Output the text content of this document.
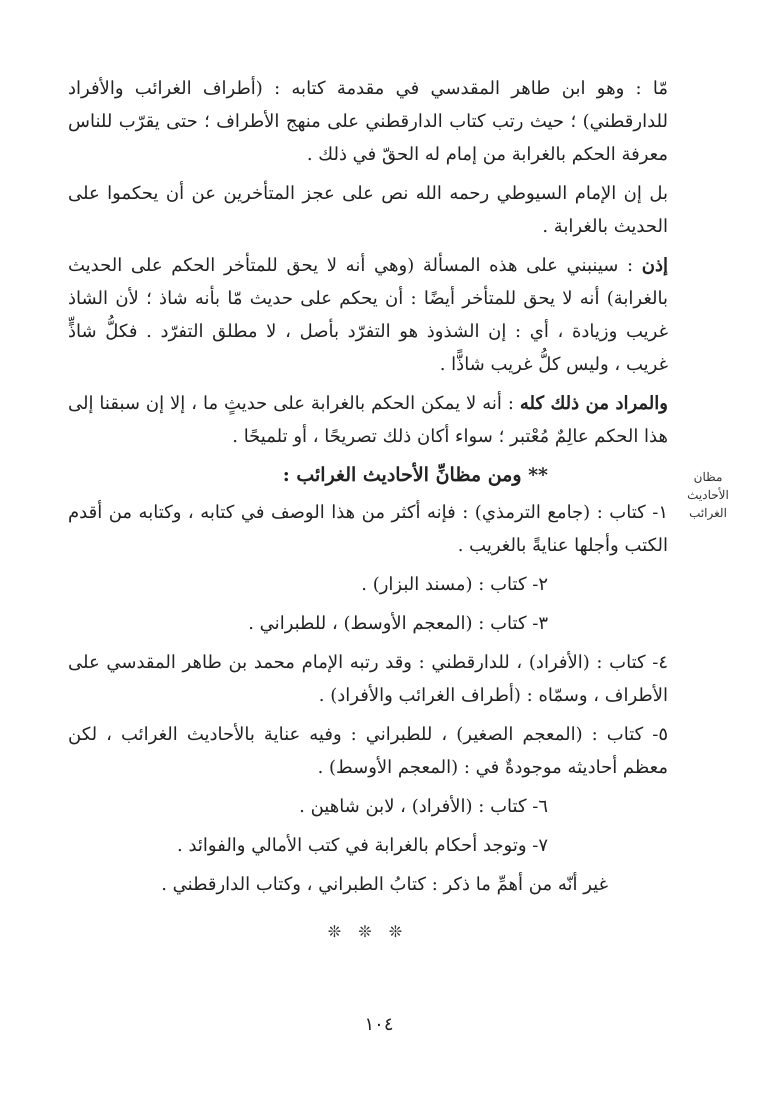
مّا : وهو ابن طاهر المقدسي في مقدمة كتابه : (أطراف الغرائب والأفراد للدارقطني) ؛ حيث رتب كتاب الدارقطني على منهج الأطراف ؛ حتى يقرّب للناس معرفة الحكم بالغرابة من إمام له الحقّ في ذلك .

بل إن الإمام السيوطي رحمه الله نص على عجز المتأخرين عن أن يحكموا على الحديث بالغرابة .

إذن : سينبني على هذه المسألة (وهي أنه لا يحق للمتأخر الحكم على الحديث بالغرابة) أنه لا يحق للمتأخر أيضًا : أن يحكم على حديث مّا بأنه شاذ ؛ لأن الشاذ غريب وزيادة ، أي : إن الشذوذ هو التفرّد بأصل ، لا مطلق التفرّد . فكلُّ شاذٍّ غريب ، وليس كلُّ غريب شاذًّا .

والمراد من ذلك كله : أنه لا يمكن الحكم بالغرابة على حديثٍ ما ، إلا إن سبقنا إلى هذا الحكم عالِمٌ مُعْتبر ؛ سواء أكان ذلك تصريحًا ، أو تلميحًا .

** ومن مظانِّ الأحاديث الغرائب :

١- كتاب : (جامع الترمذي) : فإنه أكثر من هذا الوصف في كتابه ، وكتابه من أقدم الكتب وأجلها عنايةً بالغريب .

٢- كتاب : (مسند البزار) .

٣- كتاب : (المعجم الأوسط) ، للطبراني .

٤- كتاب : (الأفراد) ، للدارقطني : وقد رتبه الإمام محمد بن طاهر المقدسي على الأطراف ، وسمّاه : (أطراف الغرائب والأفراد) .

٥- كتاب : (المعجم الصغير) ، للطبراني : وفيه عناية بالأحاديث الغرائب ، لكن معظم أحاديثه موجودةٌ في : (المعجم الأوسط) .

٦- كتاب : (الأفراد) ، لابن شاهين .

٧- وتوجد أحكام بالغرابة في كتب الأمالي والفوائد .

غير أنّه من أهمِّ ما ذكر : كتابُ الطبراني ، وكتاب الدارقطني .

❊ ❊ ❊
مظان
الأحاديث
الغرائب
١٠٤
